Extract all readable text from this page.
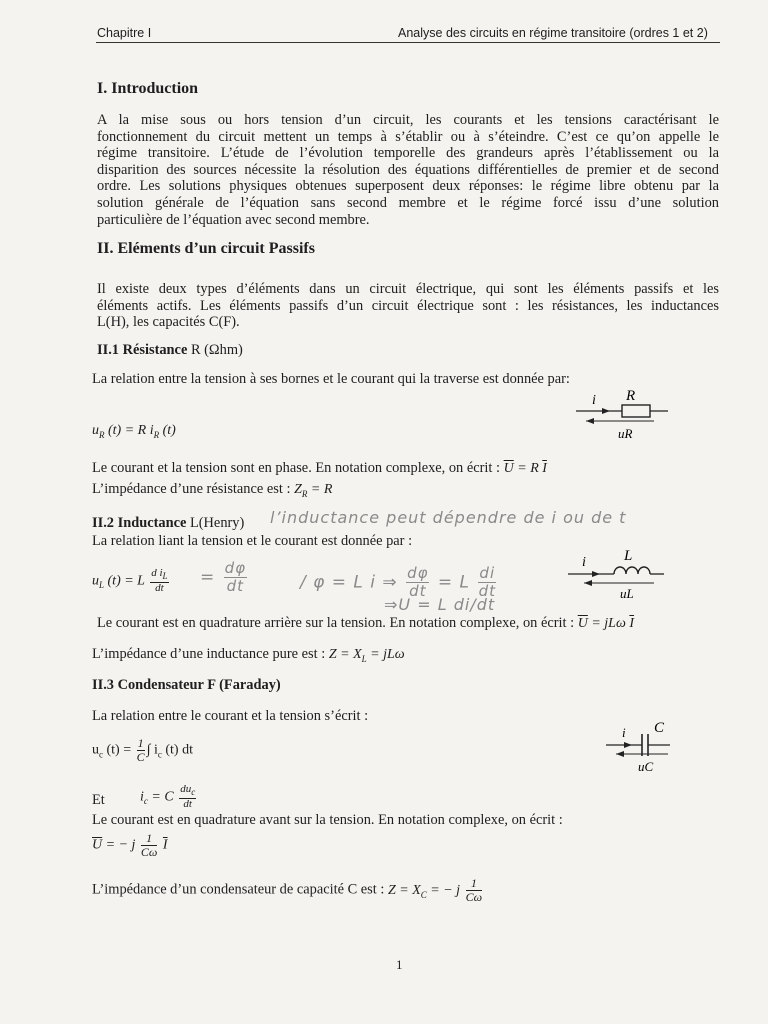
Chapitre I	Analyse des circuits en régime transitoire (ordres 1 et 2)
I. Introduction
A la mise sous ou hors tension d’un circuit, les courants et les tensions caractérisant le
fonctionnement du circuit mettent un temps à s’établir ou à s’éteindre. C’est ce qu’on appelle le
régime transitoire. L’étude de l’évolution temporelle des grandeurs après l’établissement ou la
disparition des sources nécessite la résolution des équations différentielles de premier et de second
ordre. Les solutions physiques obtenues superposent deux réponses: le régime libre obtenu par la
solution générale de l’équation sans second membre et le régime forcé issu d’une solution
particulière de l’équation avec second membre.
II. Eléments d’un circuit Passifs
Il existe deux types d’éléments dans un circuit électrique, qui sont les éléments passifs et les
éléments actifs. Les éléments passifs d’un circuit électrique sont : les résistances, les inductances
L(H), les capacités C(F).
II.1 Résistance R (Ωhm)
La relation entre la tension à ses bornes et le courant qui la traverse est donnée par:
$u_R$ (t) = R $i_R$ (t)
i R
uR
Le courant et la tension sont en phase. En notation complexe, on écrit : $\overline{U} = R$ $\overline{I}$
L’impédance d’une résistance est : $Z_R = R$
II.2 Inductance L(Henry) l’inductance peut dépendre de i ou de t
La relation liant la tension et le courant est donnée par :
$u_L$ (t) = L $\frac{d i_L}{dt} = \frac{d\varphi}{dt}$	/ φ = L i ⇒ $\frac{d\varphi}{dt} = L \frac{di}{dt}$
⇒U = L di/dt
i	L
uL
Le courant est en quadrature arrière sur la tension. En notation complexe, on écrit : $\overline{U} = jL\omega$ $\overline{I}$
L’impédance d’une inductance pure est : $Z = X_L = jL\omega$
II.3 Condensateur F (Faraday)
La relation entre le courant et la tension s’écrit :
$u_c$ $(t) = \frac{1}{C}$ ∫ $i_c$ (t) dt
i C
uC
Et	$i_c = C \frac{du_c}{dt}$
Le courant est en quadrature avant sur la tension. En notation complexe, on écrit :
$\overline{U}$ = − j $\frac{1}{C\omega} \overline{I}$
L’impédance d’un condensateur de capacité C est : $Z = X_C$ = − j $\frac{1}{C\omega}$
1
